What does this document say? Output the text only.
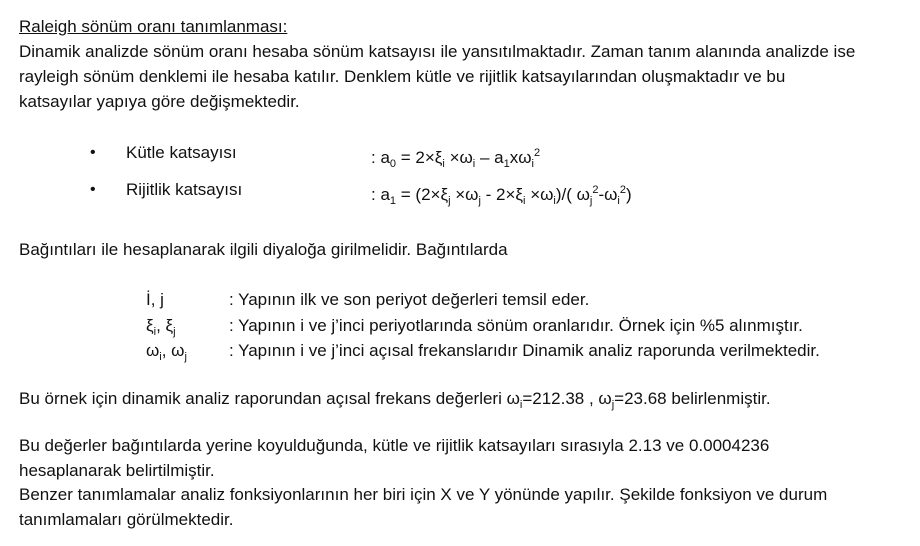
Raleigh sönüm oranı tanımlanması:
Dinamik analizde sönüm oranı hesaba sönüm katsayısı ile yansıtılmaktadır. Zaman tanım alanında analizde ise
rayleigh sönüm denklemi ile hesaba katılır. Denklem kütle ve rijitlik katsayılarından oluşmaktadır ve bu
katsayılar yapıya göre değişmektedir.
• Kütle katsayısı	: $a_0 = 2\times\xi_i \times\omega_i - a_1x\omega_i^2$
• Rijitlik katsayısı	: $a_1 = (2\times\xi_j \times\omega_j - 2\times\xi_i \times\omega_i)/$( $\omega_j^2-\omega_i^2$)
Bağıntıları ile hesaplanarak ilgili diyaloğa girilmelidir. Bağıntılarda
İ, j	: Yapının ilk ve son periyot değerleri temsil eder.
$\xi_i$, $\xi_j$	: Yapının i ve j’inci periyotlarında sönüm oranlarıdır. Örnek için %5 alınmıştır.
$\omega_i$, $\omega_j$ : Yapının i ve j’inci açısal frekanslarıdır Dinamik analiz raporunda verilmektedir.
Bu örnek için dinamik analiz raporundan açısal frekans değerleri $\omega_i=212.38$ , $\omega_j=23.68$ belirlenmiştir.
Bu değerler bağıntılarda yerine koyulduğunda, kütle ve rijitlik katsayıları sırasıyla 2.13 ve 0.0004236
hesaplanarak belirtilmiştir.
Benzer tanımlamalar analiz fonksiyonlarının her biri için X ve Y yönünde yapılır. Şekilde fonksiyon ve durum
tanımlamaları görülmektedir.
